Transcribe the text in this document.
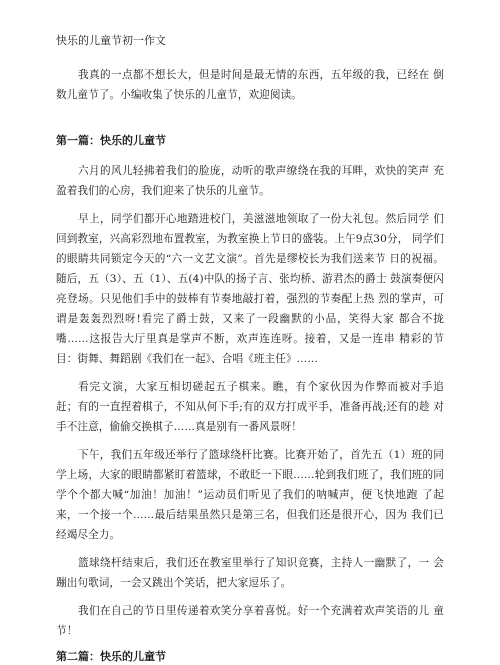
快乐的儿童节初一作文

我真的一点都不想长大，但是时间是最无情的东西，五年级的我，已经在 倒数儿童节了。小编收集了快乐的儿童节，欢迎阅读。

第一篇：快乐的儿童节

六月的风儿轻拂着我们的脸庞，动听的歌声缭绕在我的耳畔，欢快的笑声 充盈着我们的心房，我们迎来了快乐的儿童节。

早上，同学们都开心地踏进校门，美滋滋地领取了一份大礼包。然后同学 们回到教室，兴高彩烈地布置教室，为教室换上节日的盛装。上午9点30分， 同学们的眼睛共同锁定今天的“六一文艺文演”。首先是缪校长为我们送来节 日的祝福。随后，五（3）、五（1）、五(4)中队的扬子言、张均桥、游君杰的爵士 鼓演奏便闪亮登场。只见他们手中的鼓棒有节奏地敲打着，强烈的节奏配上热 烈的掌声，可谓是轰轰烈烈呀!看完了爵士鼓，又来了一段幽默的小品，笑得大家 都合不拢嘴……这报告大厅里真是掌声不断，欢声连连呀。接着，又是一连串 精彩的节目：街舞、舞蹈剧《我们在一起》、合唱《班主任》……

看完文演，大家互相切磋起五子棋来。瞧，有个家伙因为作弊而被对手追 赶；有的一直捏着棋子，不知从何下手;有的双方打成平手，准备再战;还有的趁 对手不注意，偷偷交换棋子……真是别有一番风景呀！

下午，我们五年级还举行了篮球绕杆比赛。比赛开始了，首先五（1）班的同学上场，大家的眼睛都紧盯着篮球，不敢眨一下眼……轮到我们班了，我们班的同学个个都大喊“加油！加油！”运动员们听见了我们的呐喊声，便飞快地跑 了起来，一个接一个……最后结果虽然只是第三名，但我们还是很开心，因为 我们已经竭尽全力。

篮球绕杆结束后，我们还在教室里举行了知识竞赛，主持人一幽默了，一 会蹦出句歌词，一会又跳出个笑话，把大家逗乐了。

我们在自己的节日里传递着欢笑分享着喜悦。好一个充满着欢声笑语的儿 童节！

第二篇：快乐的儿童节
